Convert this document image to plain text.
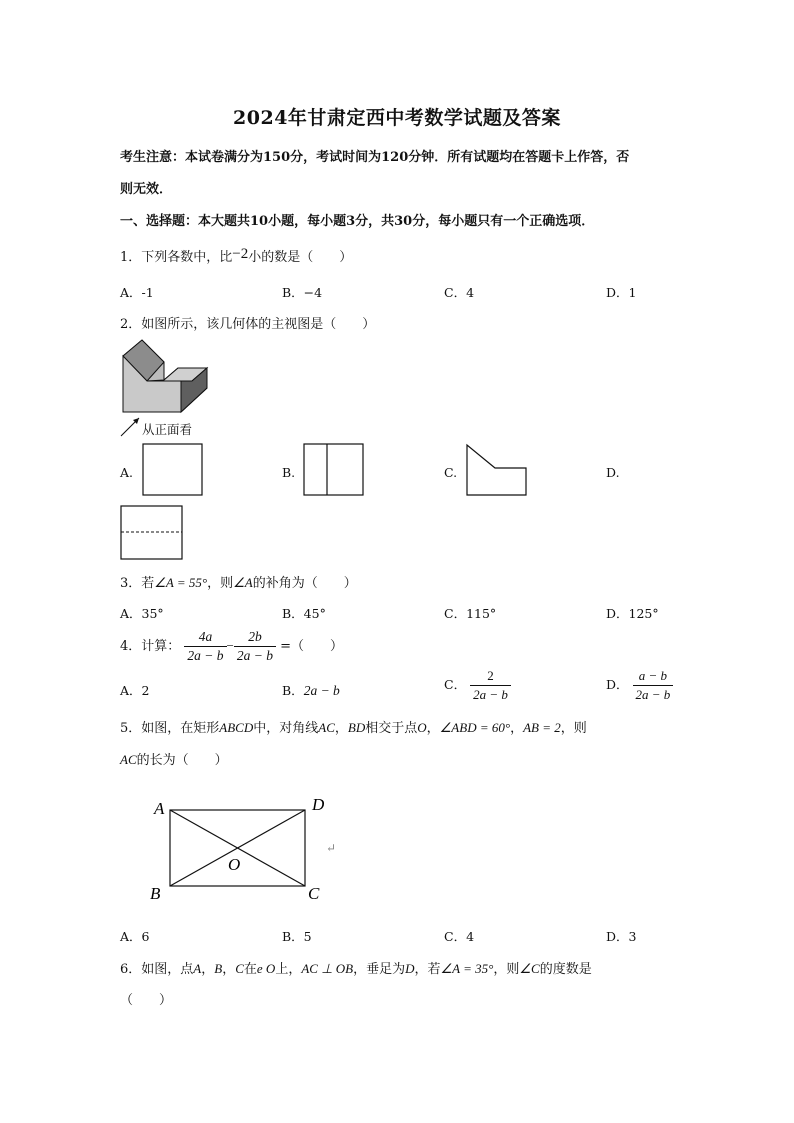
2024年甘肃定西中考数学试题及答案
考生注意：本试卷满分为150分，考试时间为120分钟．所有试题均在答题卡上作答，否
则无效．
一、选择题：本大题共10小题，每小题3分，共30分，每小题只有一个正确选项．
1．下列各数中，比−2小的数是（　　）
A．-1	B．−4	C．4	D．1
2．如图所示，该几何体的主视图是（　　）
从正面看
A.	B.	C.	D.
3．若∠A = 55°，则∠A的补角为（　　）
A．35°	B．45°	C．115°	D．125°
4．计算： $\frac{4a}{2a - b} - \frac{2b}{2a - b}$ =（　　）
A．2	B．2a − b	C． $\frac{2}{2a - b}$	D． $\frac{a - b}{2a - b}$
5．如图，在矩形ABCD中，对角线AC，BD相交于点O，∠ABD = 60°，AB = 2，则
AC的长为（　　）
A	D
B	C
O
↵
A．6	B．5	C．4	D．3
6．如图，点A，B，C在e O上，AC ⊥ OB，垂足为D，若∠A = 35°，则∠C的度数是
（　　）
